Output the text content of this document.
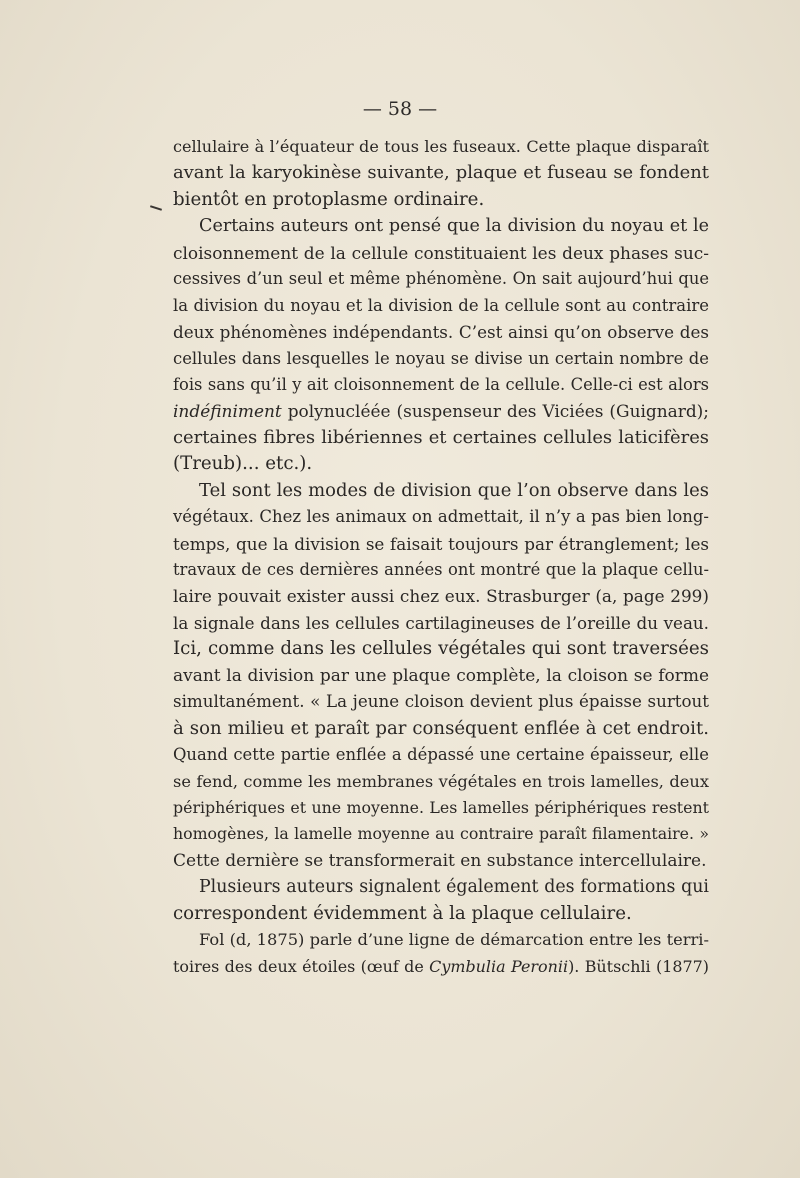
— 58 —
cellulaire à l’équateur de tous les fuseaux. Cette plaque disparaît
avant la karyokinèse suivante, plaque et fuseau se fondent
bientôt en protoplasme ordinaire.
Certains auteurs ont pensé que la division du noyau et le
cloisonnement de la cellule constituaient les deux phases suc-
cessives d’un seul et même phénomène. On sait aujourd’hui que
la division du noyau et la division de la cellule sont au contraire
deux phénomènes indépendants. C’est ainsi qu’on observe des
cellules dans lesquelles le noyau se divise un certain nombre de
fois sans qu’il y ait cloisonnement de la cellule. Celle-ci est alors
indéfiniment polynucléée (suspenseur des Viciées (Guignard);
certaines fibres libériennes et certaines cellules laticifères
(Treub)... etc.).
Tel sont les modes de division que l’on observe dans les
végétaux. Chez les animaux on admettait, il n’y a pas bien long-
temps, que la division se faisait toujours par étranglement; les
travaux de ces dernières années ont montré que la plaque cellu-
laire pouvait exister aussi chez eux. Strasburger (a, page 299)
la signale dans les cellules cartilagineuses de l’oreille du veau.
Ici, comme dans les cellules végétales qui sont traversées
avant la division par une plaque complète, la cloison se forme
simultanément. « La jeune cloison devient plus épaisse surtout
à son milieu et paraît par conséquent enflée à cet endroit.
Quand cette partie enflée a dépassé une certaine épaisseur, elle
se fend, comme les membranes végétales en trois lamelles, deux
périphériques et une moyenne. Les lamelles périphériques restent
homogènes, la lamelle moyenne au contraire paraît filamentaire. »
Cette dernière se transformerait en substance intercellulaire.
Plusieurs auteurs signalent également des formations qui
correspondent évidemment à la plaque cellulaire.
Fol (d, 1875) parle d’une ligne de démarcation entre les terri-
toires des deux étoiles (œuf de Cymbulia Peronii). Bütschli (1877)
